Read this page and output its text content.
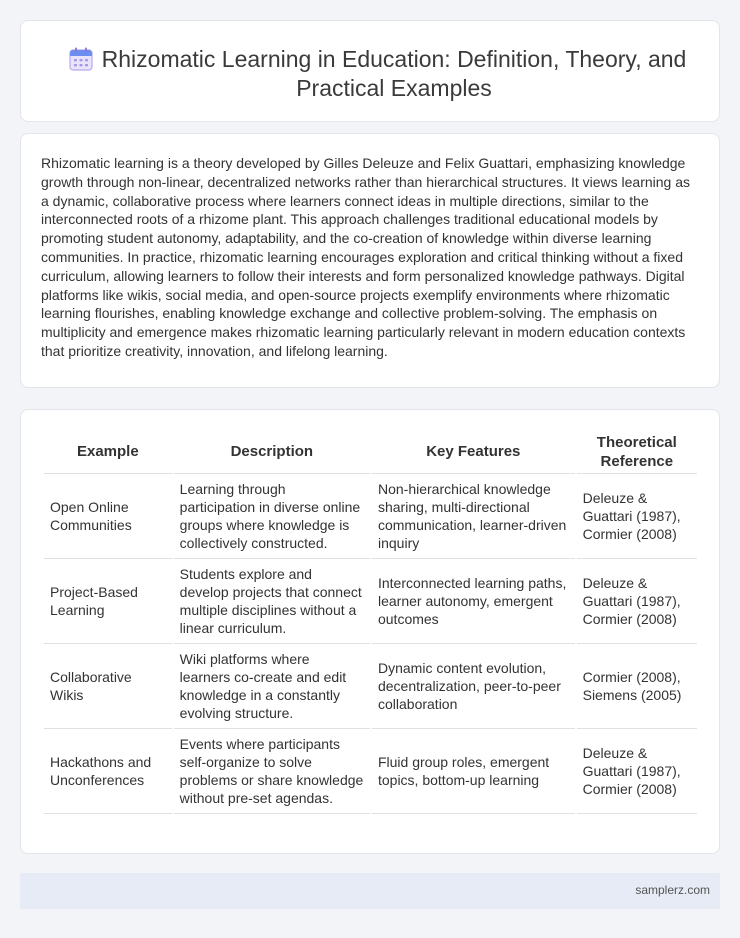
Rhizomatic Learning in Education: Definition, Theory, and Practical Examples

Rhizomatic learning is a theory developed by Gilles Deleuze and Felix Guattari, emphasizing knowledge growth through non-linear, decentralized networks rather than hierarchical structures. It views learning as a dynamic, collaborative process where learners connect ideas in multiple directions, similar to the interconnected roots of a rhizome plant. This approach challenges traditional educational models by promoting student autonomy, adaptability, and the co-creation of knowledge within diverse learning communities. In practice, rhizomatic learning encourages exploration and critical thinking without a fixed curriculum, allowing learners to follow their interests and form personalized knowledge pathways. Digital platforms like wikis, social media, and open-source projects exemplify environments where rhizomatic learning flourishes, enabling knowledge exchange and collective problem-solving. The emphasis on multiplicity and emergence makes rhizomatic learning particularly relevant in modern education contexts that prioritize creativity, innovation, and lifelong learning.

Example	Description	Key Features	Theoretical Reference
Open Online Communities	Learning through participation in diverse online groups where knowledge is collectively constructed.	Non-hierarchical knowledge sharing, multi-directional communication, learner-driven inquiry	Deleuze & Guattari (1987), Cormier (2008)
Project-Based Learning	Students explore and develop projects that connect multiple disciplines without a linear curriculum.	Interconnected learning paths, learner autonomy, emergent outcomes	Deleuze & Guattari (1987), Cormier (2008)
Collaborative Wikis	Wiki platforms where learners co-create and edit knowledge in a constantly evolving structure.	Dynamic content evolution, decentralization, peer-to-peer collaboration	Cormier (2008), Siemens (2005)
Hackathons and Unconferences	Events where participants self-organize to solve problems or share knowledge without pre-set agendas.	Fluid group roles, emergent topics, bottom-up learning	Deleuze & Guattari (1987), Cormier (2008)
samplerz.com
